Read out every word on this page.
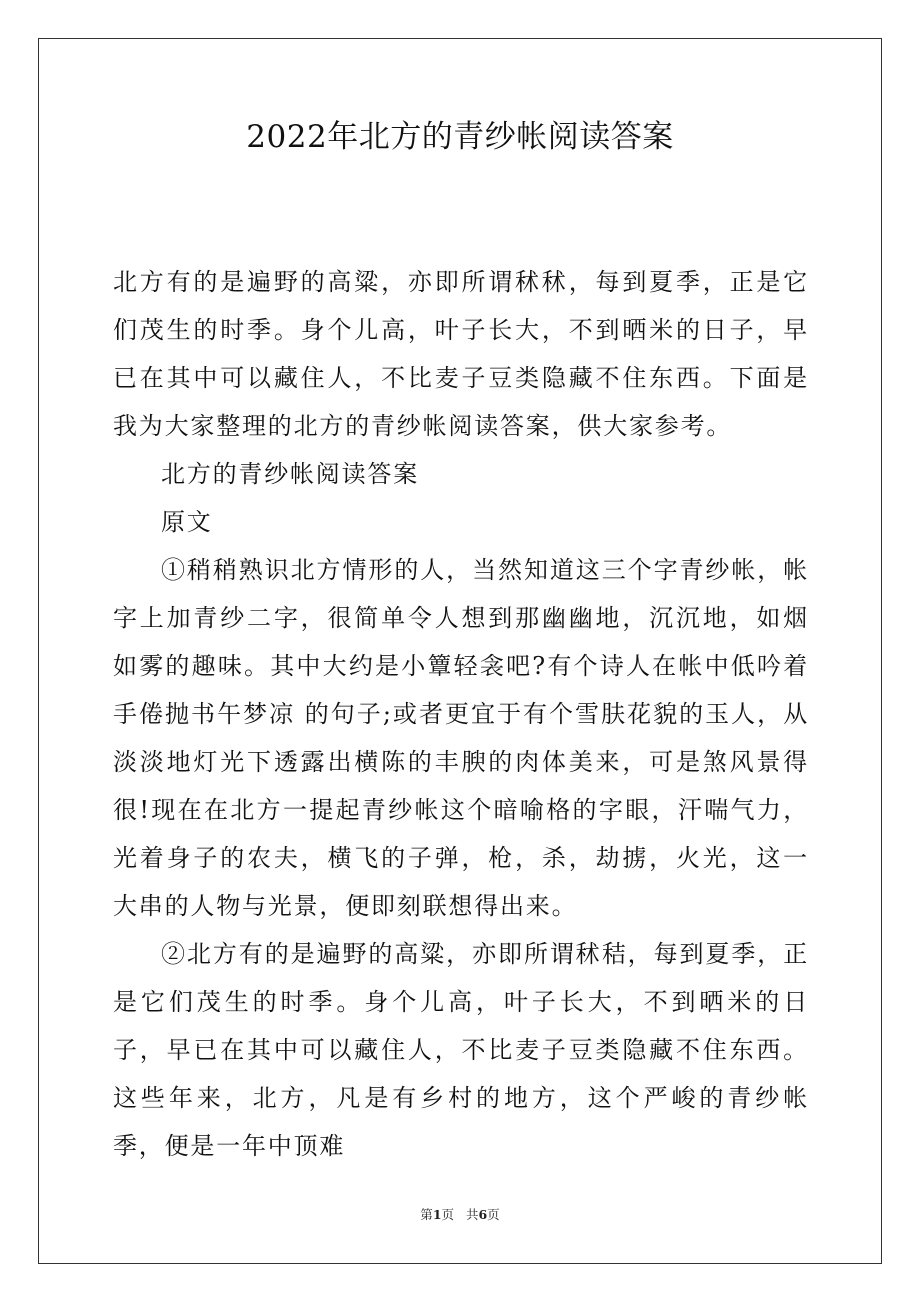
2022年北方的青纱帐阅读答案

北方有的是遍野的高粱，亦即所谓秫秫，每到夏季，正是它们茂生的时季。身个儿高，叶子长大，不到晒米的日子，早已在其中可以藏住人，不比麦子豆类隐藏不住东西。下面是我为大家整理的北方的青纱帐阅读答案，供大家参考。

北方的青纱帐阅读答案

原文

①稍稍熟识北方情形的人，当然知道这三个字青纱帐，帐字上加青纱二字，很简单令人想到那幽幽地，沉沉地，如烟如雾的趣味。其中大约是小簟轻衾吧?有个诗人在帐中低吟着手倦抛书午梦凉 的句子;或者更宜于有个雪肤花貌的玉人，从淡淡地灯光下透露出横陈的丰腴的肉体美来，可是煞风景得很!现在在北方一提起青纱帐这个暗喻格的字眼，汗喘气力，光着身子的农夫，横飞的子弹，枪，杀，劫掳，火光，这一大串的人物与光景，便即刻联想得出来。

②北方有的是遍野的高粱，亦即所谓秫秸，每到夏季，正是它们茂生的时季。身个儿高，叶子长大，不到晒米的日子，早已在其中可以藏住人，不比麦子豆类隐藏不住东西。这些年来，北方，凡是有乡村的地方，这个严峻的青纱帐季，便是一年中顶难

第1页 共6页
